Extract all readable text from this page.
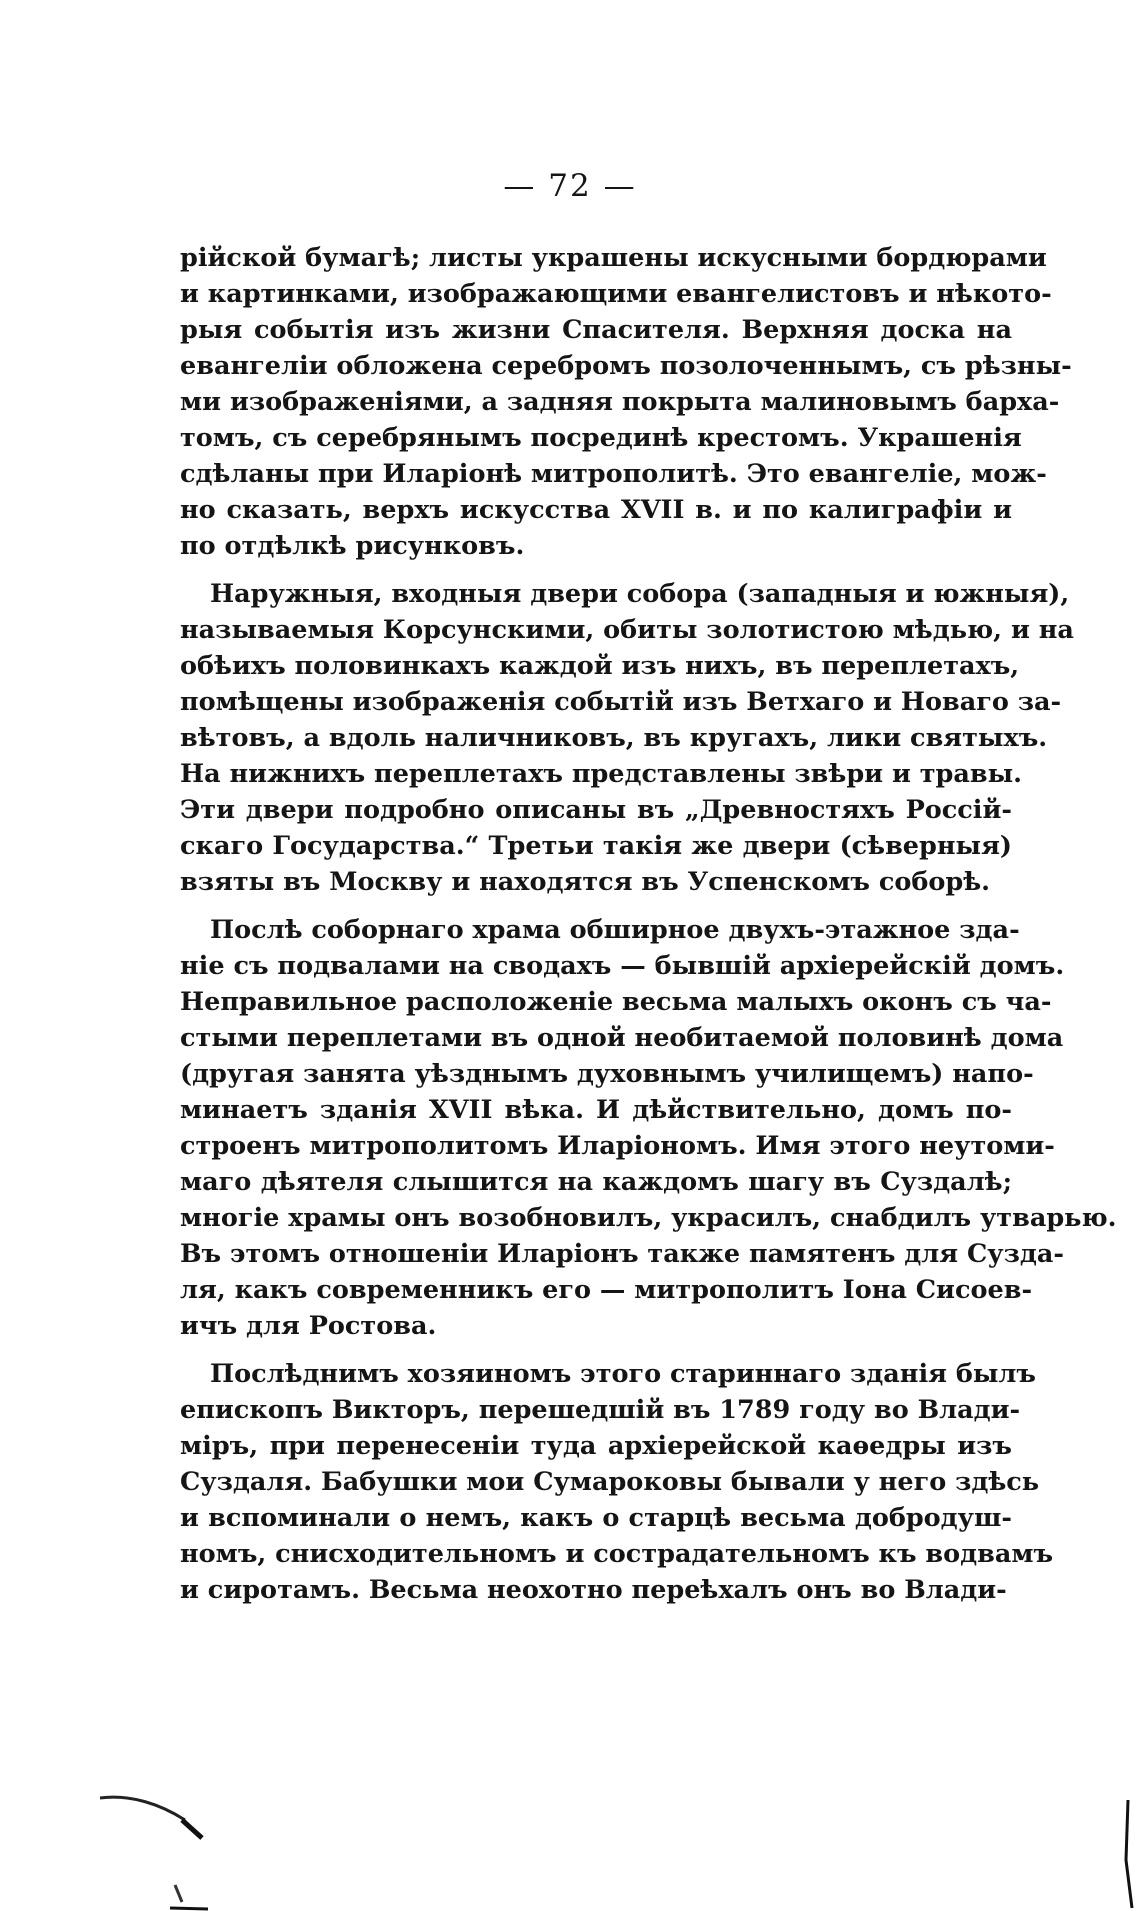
— 72 —
рійской бумагѣ; листы украшены искусными бордюрами
и картинками, изображающими евангелистовъ и нѣкото-
рыя событія изъ жизни Спасителя. Верхняя доска на
евангеліи обложена серебромъ позолоченнымъ, съ рѣзны-
ми изображеніями, а задняя покрыта малиновымъ барха-
томъ, съ серебрянымъ посрединѣ крестомъ. Украшенія
сдѣланы при Иларіонѣ митрополитѣ. Это евангеліе, мож-
но сказать, верхъ искусства XVII в. и по калиграфіи и
по отдѣлкѣ рисунковъ.
Наружныя, входныя двери собора (западныя и южныя),
называемыя Корсунскими, обиты золотистою мѣдью, и на
обѣихъ половинкахъ каждой изъ нихъ, въ переплетахъ,
помѣщены изображенія событій изъ Ветхаго и Новаго за-
вѣтовъ, а вдоль наличниковъ, въ кругахъ, лики святыхъ.
На нижнихъ переплетахъ представлены звѣри и травы.
Эти двери подробно описаны въ „Древностяхъ Россій-
скаго Государства.“ Третьи такія же двери (сѣверныя)
взяты въ Москву и находятся въ Успенскомъ соборѣ.
Послѣ соборнаго храма обширное двухъ-этажное зда-
ніе съ подвалами на сводахъ — бывшій архіерейскій домъ.
Неправильное расположеніе весьма малыхъ оконъ съ ча-
стыми переплетами въ одной необитаемой половинѣ дома
(другая занята уѣзднымъ духовнымъ училищемъ) напо-
минаетъ зданія XVII вѣка. И дѣйствительно, домъ по-
строенъ митрополитомъ Иларіономъ. Имя этого неутоми-
маго дѣятеля слышится на каждомъ шагу въ Суздалѣ;
многіе храмы онъ возобновилъ, украсилъ, снабдилъ утварью.
Въ этомъ отношеніи Иларіонъ также памятенъ для Сузда-
ля, какъ современникъ его — митрополитъ Іона Сисоев-
ичъ для Ростова.
Послѣднимъ хозяиномъ этого стариннаго зданія былъ
епископъ Викторъ, перешедшій въ 1789 году во Влади-
міръ, при перенесеніи туда архіерейской каѳедры изъ
Суздаля. Бабушки мои Сумароковы бывали у него здѣсь
и вспоминали о немъ, какъ о старцѣ весьма добродуш-
номъ, снисходительномъ и сострадательномъ къ водвамъ
и сиротамъ. Весьма неохотно переѣхалъ онъ во Влади-
